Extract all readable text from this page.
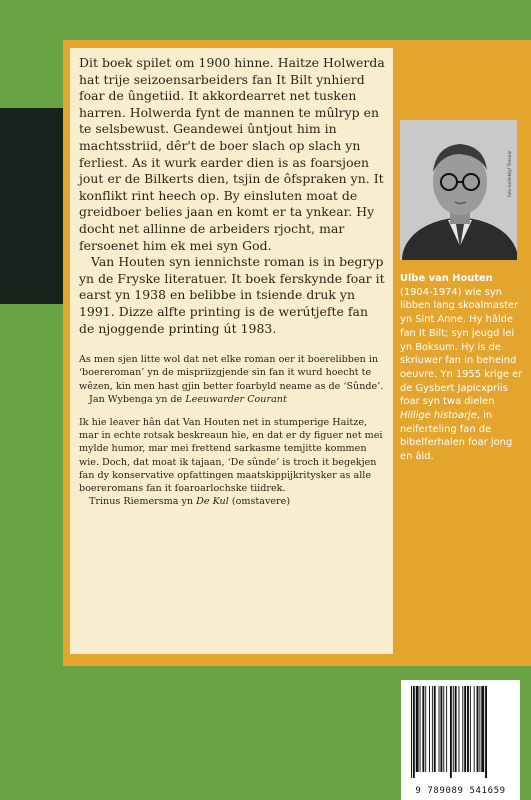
Dit boek spilet om 1900 hinne. Haitze Holwerda hat trije seizoensarbeiders fan It Bilt ynhierd foar de ûngetiid. It akkordearret net tusken harren. Holwerda fynt de mannen te mûlryp en te selsbewust. Geandewei ûntjout him in machtsstriid, dêr't de boer slach op slach yn ferliest. As it wurk earder dien is as foarsjoen jout er de Bilkerts dien, tsjin de ôfspraken yn. It konflikt rint heech op. By einsluten moat de greidboer belies jaan en komt er ta ynkear. Hy docht net allinne de arbeiders rjocht, mar fersoenet him ek mei syn God.

Van Houten syn iennichste roman is in begryp yn de Fryske literatuer. It boek ferskynde foar it earst yn 1938 en belibbe in tsiende druk yn 1991. Dizze alfte printing is de werútjefte fan de njoggende printing út 1983.

As men sjen litte wol dat net elke roman oer it boerelibben in ‘boereroman’ yn de mispriizgjende sin fan it wurd hoecht te wêzen, kin men hast gjin better foarbyld neame as de ‘Sûnde’.

Jan Wybenga yn de Leeuwarder Courant

Ik hie leaver hân dat Van Houten net in stumperige Haitze, mar in echte rotsak beskreaun hie, en dat er dy figuer net mei mylde humor, mar mei frettend sarkasme temjitte kommen wie. Doch, dat moat ik tajaan, ‘De sûnde’ is troch it begekjen fan dy konservative opfattingen maatskippijkritysker as alle boereromans fan it foaroarlochske tiidrek.

Trinus Riemersma yn De Kul (omstavere)

foto kollektyf Tresoar
Ulbe van Houten
(1904-1974) wie syn libben lang skoalmaster yn Sint Anne. Hy hâlde fan It Bilt; syn jeugd lei yn Boksum. Hy is de skriuwer fan in beheind oeuvre. Yn 1955 krige er de Gysbert Japicxpriis foar syn twa dielen Hillige histoarje, in neiferteling fan de bibelferhalen foar jong en âld.
9 789089 541659
